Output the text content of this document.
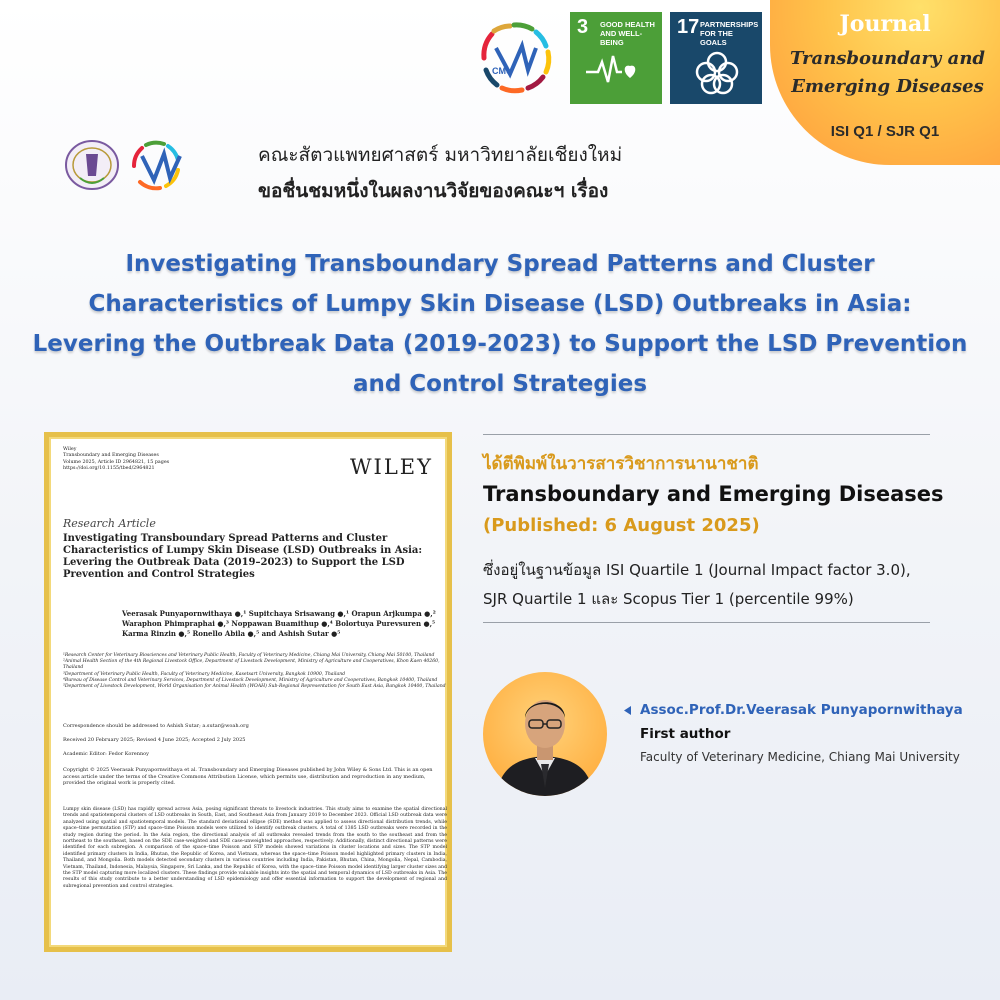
CMU
3 GOOD HEALTH AND WELL-BEING
17 PARTNERSHIPS FOR THE GOALS
Journal
Transboundary and Emerging Diseases
ISI Q1 / SJR Q1
คณะสัตวแพทยศาสตร์ มหาวิทยาลัยเชียงใหม่
ขอชื่นชมหนึ่งในผลงานวิจัยของคณะฯ เรื่อง
Investigating Transboundary Spread Patterns and Cluster Characteristics of Lumpy Skin Disease (LSD) Outbreaks in Asia: Levering the Outbreak Data (2019-2023) to Support the LSD Prevention and Control Strategies
Wiley
Transboundary and Emerging Diseases
Volume 2025, Article ID 2964821, 15 pages
https://doi.org/10.1155/tbed/2964821	WILEY
Research Article
Investigating Transboundary Spread Patterns and Cluster Characteristics of Lumpy Skin Disease (LSD) Outbreaks in Asia: Levering the Outbreak Data (2019–2023) to Support the LSD Prevention and Control Strategies
Veerasak Punyapornwithaya ●,¹ Supitchaya Srisawang ●,¹ Orapun Arjkumpa ●,² Waraphon Phimpraphai ●,³ Noppawan Buamithup ●,⁴ Bolortuya Purevsuren ●,⁵ Karma Rinzin ●,⁵ Ronello Abila ●,⁵ and Ashish Sutar ●⁵
¹Research Center for Veterinary Biosciences and Veterinary Public Health, Faculty of Veterinary Medicine, Chiang Mai University, Chiang Mai 50100, Thailand
²Animal Health Section of the 4th Regional Livestock Office, Department of Livestock Development, Ministry of Agriculture and Cooperatives, Khon Kaen 40260, Thailand
³Department of Veterinary Public Health, Faculty of Veterinary Medicine, Kasetsart University, Bangkok 10900, Thailand
⁴Bureau of Disease Control and Veterinary Services, Department of Livestock Development, Ministry of Agriculture and Cooperatives, Bangkok 10400, Thailand
⁵Department of Livestock Development, World Organisation for Animal Health (WOAH) Sub-Regional Representation for South East Asia, Bangkok 10400, Thailand
Correspondence should be addressed to Ashish Sutar; a.sutar@woah.org
Received 20 February 2025; Revised 4 June 2025; Accepted 2 July 2025
Academic Editor: Fedor Korennoy
Copyright © 2025 Veerasak Punyapornwithaya et al. Transboundary and Emerging Diseases published by John Wiley & Sons Ltd. This is an open access article under the terms of the Creative Commons Attribution License, which permits use, distribution and reproduction in any medium, provided the original work is properly cited.
Lumpy skin disease (LSD) has rapidly spread across Asia, posing significant threats to livestock industries. This study aims to examine the spatial directional trends and spatiotemporal clusters of LSD outbreaks in South, East, and Southeast Asia from January 2019 to December 2023. Official LSD outbreak data were analyzed using spatial and spatiotemporal models. The standard deviational ellipse (SDE) method was applied to assess directional distribution trends, while space–time permutation (STP) and space–time Poisson models were utilized to identify outbreak clusters. A total of 1385 LSD outbreaks were recorded in the study region during the period. In the Asia region, the directional analysis of all outbreaks revealed trends from the south to the southeast and from the northeast to the southeast, based on the SDE case-weighted and SDE case-unweighted approaches, respectively. Additionally, distinct directional patterns were identified for each subregion. A comparison of the space–time Poisson and STP models showed variations in cluster locations and sizes. The STP model identified primary clusters in India, Bhutan, the Republic of Korea, and Vietnam, whereas the space–time Poisson model highlighted primary clusters in India, Thailand, and Mongolia. Both models detected secondary clusters in various countries including India, Pakistan, Bhutan, China, Mongolia, Nepal, Cambodia, Vietnam, Thailand, Indonesia, Malaysia, Singapore, Sri Lanka, and the Republic of Korea, with the space–time Poisson model identifying larger cluster sizes and the STP model capturing more localized clusters. These findings provide valuable insights into the spatial and temporal dynamics of LSD outbreaks in Asia. The results of this study contribute to a better understanding of LSD epidemiology and offer essential information to support the development of regional and subregional prevention and control strategies.
ได้ตีพิมพ์ในวารสารวิชาการนานาชาติ
Transboundary and Emerging Diseases
(Published: 6 August 2025)
ซึ่งอยู่ในฐานข้อมูล ISI Quartile 1 (Journal Impact factor 3.0),
SJR Quartile 1 และ Scopus Tier 1 (percentile 99%)
Assoc.Prof.Dr.Veerasak Punyapornwithaya
First author
Faculty of Veterinary Medicine, Chiang Mai University
